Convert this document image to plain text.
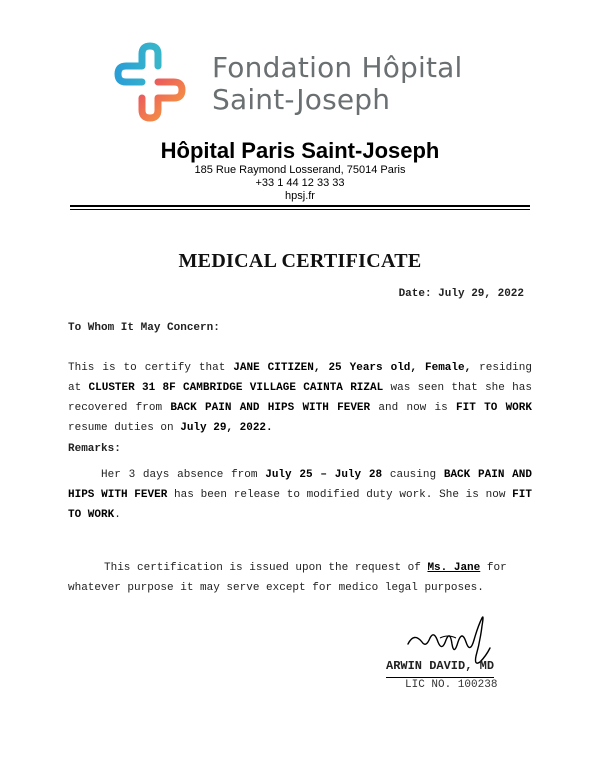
Fondation Hôpital
Saint-Joseph
Hôpital Paris Saint-Joseph
185 Rue Raymond Losserand, 75014 Paris
+33 1 44 12 33 33
hpsj.fr
MEDICAL CERTIFICATE
Date: July 29, 2022
To Whom It May Concern:
This is to certify that JANE CITIZEN, 25 Years old, Female, residing at CLUSTER 31 8F CAMBRIDGE VILLAGE CAINTA RIZAL was seen that she has recovered from BACK PAIN AND HIPS WITH FEVER and now is FIT TO WORK resume duties on July 29, 2022.
Remarks:
Her 3 days absence from July 25 – July 28 causing BACK PAIN AND HIPS WITH FEVER has been release to modified duty work. She is now FIT TO WORK.
This certification is issued upon the request of Ms. Jane for whatever purpose it may serve except for medico legal purposes.
ARWIN DAVID, MD
LIC NO. 100238
